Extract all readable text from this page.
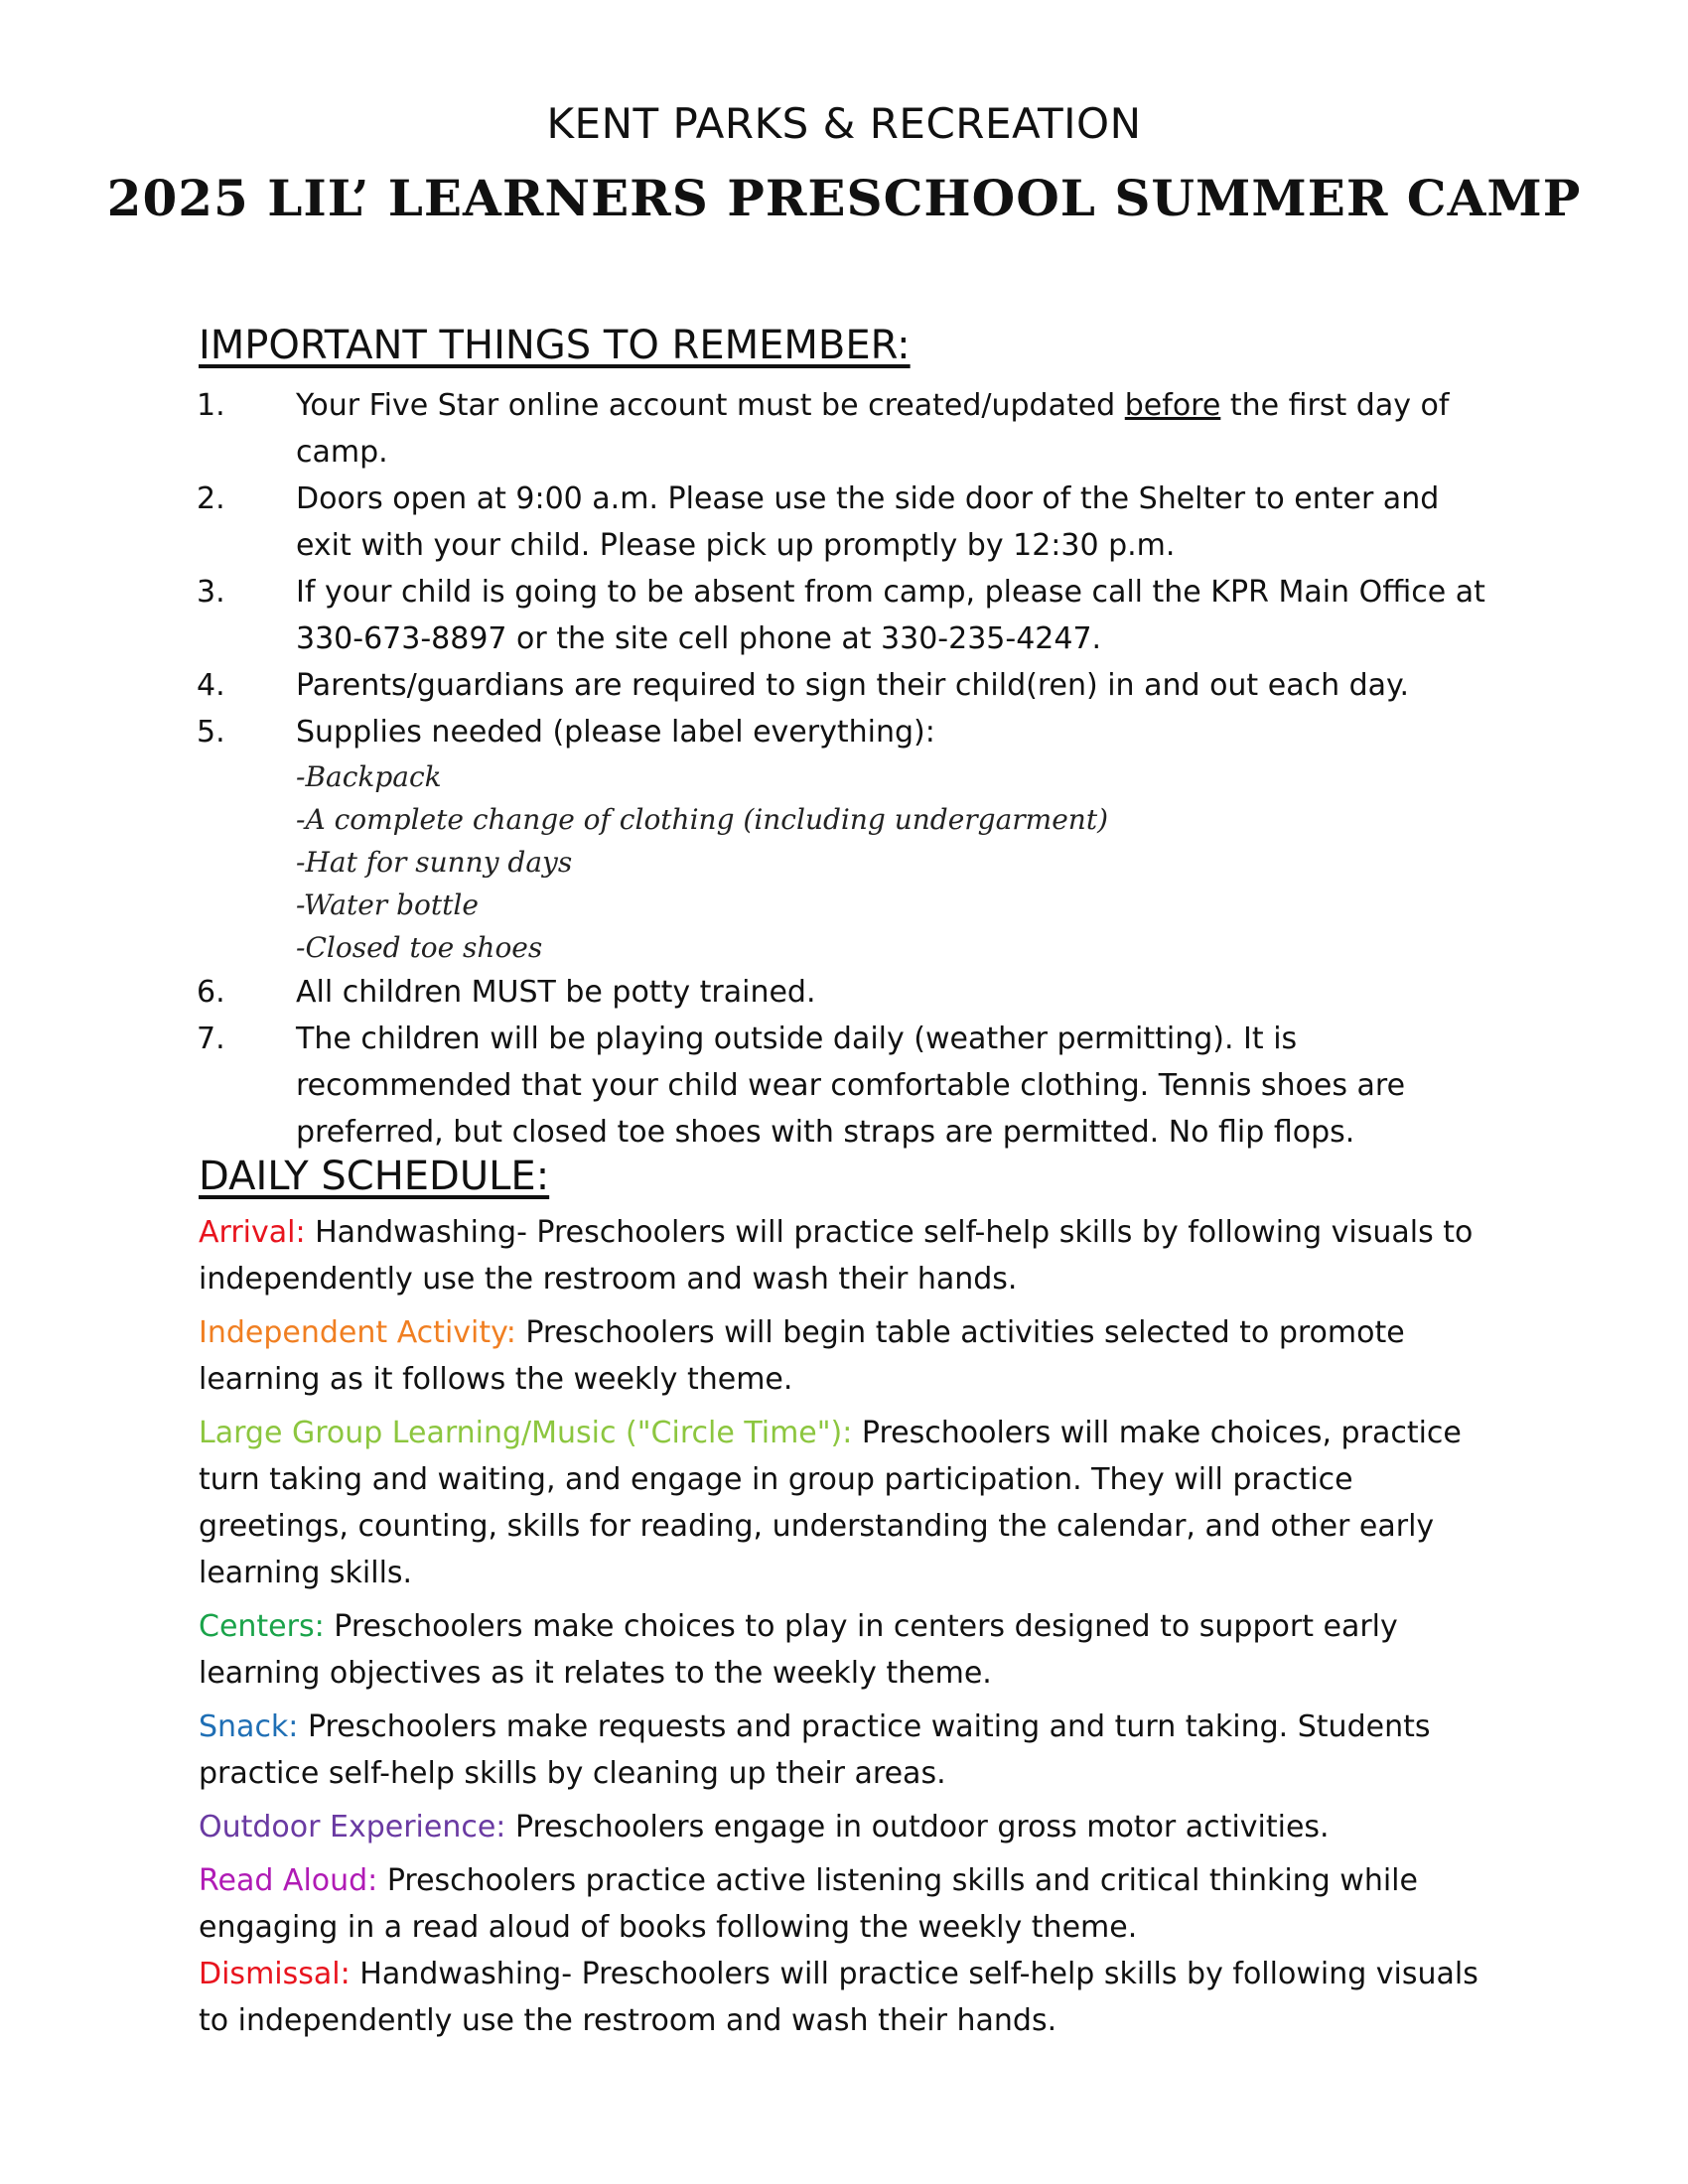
KENT PARKS & RECREATION
2025 LIL’ LEARNERS PRESCHOOL SUMMER CAMP
IMPORTANT THINGS TO REMEMBER:
1.	Your Five Star online account must be created/updated before the first day of camp.
2.	Doors open at 9:00 a.m. Please use the side door of the Shelter to enter and exit with your child. Please pick up promptly by 12:30 p.m.
3.	If your child is going to be absent from camp, please call the KPR Main Office at 330-673-8897 or the site cell phone at 330-235-4247.
4.	Parents/guardians are required to sign their child(ren) in and out each day.
5.	Supplies needed (please label everything):
-Backpack
-A complete change of clothing (including undergarment)
-Hat for sunny days
-Water bottle
-Closed toe shoes
6.	All children MUST be potty trained.
7.	The children will be playing outside daily (weather permitting). It is recommended that your child wear comfortable clothing. Tennis shoes are preferred, but closed toe shoes with straps are permitted. No flip flops.
DAILY SCHEDULE:
Arrival: Handwashing- Preschoolers will practice self-help skills by following visuals to independently use the restroom and wash their hands.
Independent Activity: Preschoolers will begin table activities selected to promote learning as it follows the weekly theme.
Large Group Learning/Music ("Circle Time"): Preschoolers will make choices, practice turn taking and waiting, and engage in group participation. They will practice greetings, counting, skills for reading, understanding the calendar, and other early learning skills.
Centers: Preschoolers make choices to play in centers designed to support early learning objectives as it relates to the weekly theme.
Snack: Preschoolers make requests and practice waiting and turn taking. Students practice self-help skills by cleaning up their areas.
Outdoor Experience: Preschoolers engage in outdoor gross motor activities.
Read Aloud: Preschoolers practice active listening skills and critical thinking while engaging in a read aloud of books following the weekly theme.
Dismissal: Handwashing- Preschoolers will practice self-help skills by following visuals to independently use the restroom and wash their hands.
